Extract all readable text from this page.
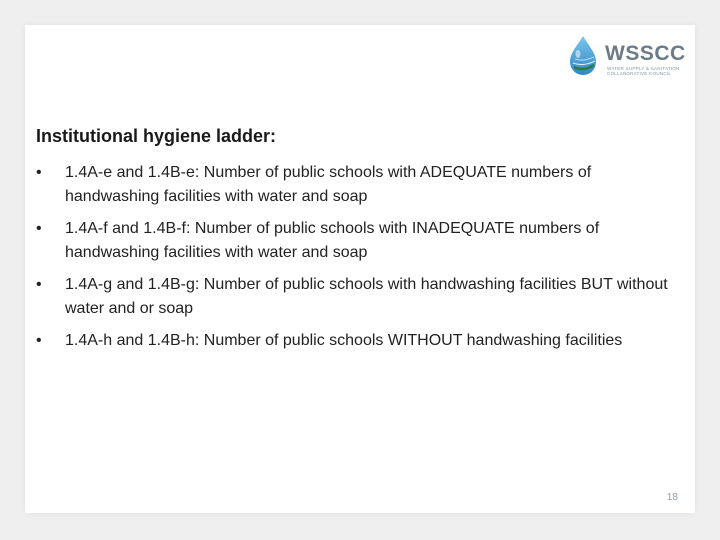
WSSCC
WATER SUPPLY & SANITATION COLLABORATIVE COUNCIL
Institutional hygiene ladder:
• 1.4A-e and 1.4B-e: Number of public schools with ADEQUATE numbers of handwashing facilities with water and soap
• 1.4A-f and 1.4B-f: Number of public schools with INADEQUATE numbers of handwashing facilities with water and soap
• 1.4A-g and 1.4B-g: Number of public schools with handwashing facilities BUT without water and or soap
• 1.4A-h and 1.4B-h: Number of public schools WITHOUT handwashing facilities
18
